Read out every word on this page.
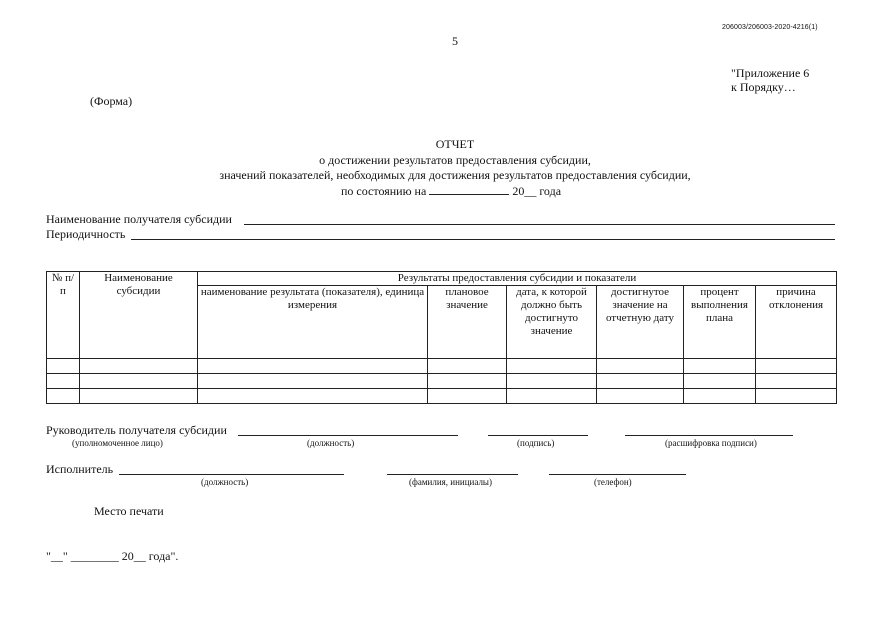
206003/206003-2020-4216(1)
5
"Приложение 6
к Порядку…
(Форма)
ОТЧЕТ
о достижении результатов предоставления субсидии,
значений показателей, необходимых для достижения результатов предоставления субсидии,
по состоянию на	20__ года
Наименование получателя субсидии
Периодичность
№ п/п	Наименование субсидии	Результаты предоставления субсидии и показатели					
		наименование результата (показателя), единица измерения	плановое значение	дата, к которой должно быть достигнуто значение	достигнутое значение на отчетную дату	процент выполнения плана	причина отклонения

Руководитель получателя субсидии
(уполномоченное лицо)	(должность)	(подпись)	(расшифровка подписи)
Исполнитель
(должность)	(фамилия, инициалы)	(телефон)
Место печати
"__" ________ 20__ года".
